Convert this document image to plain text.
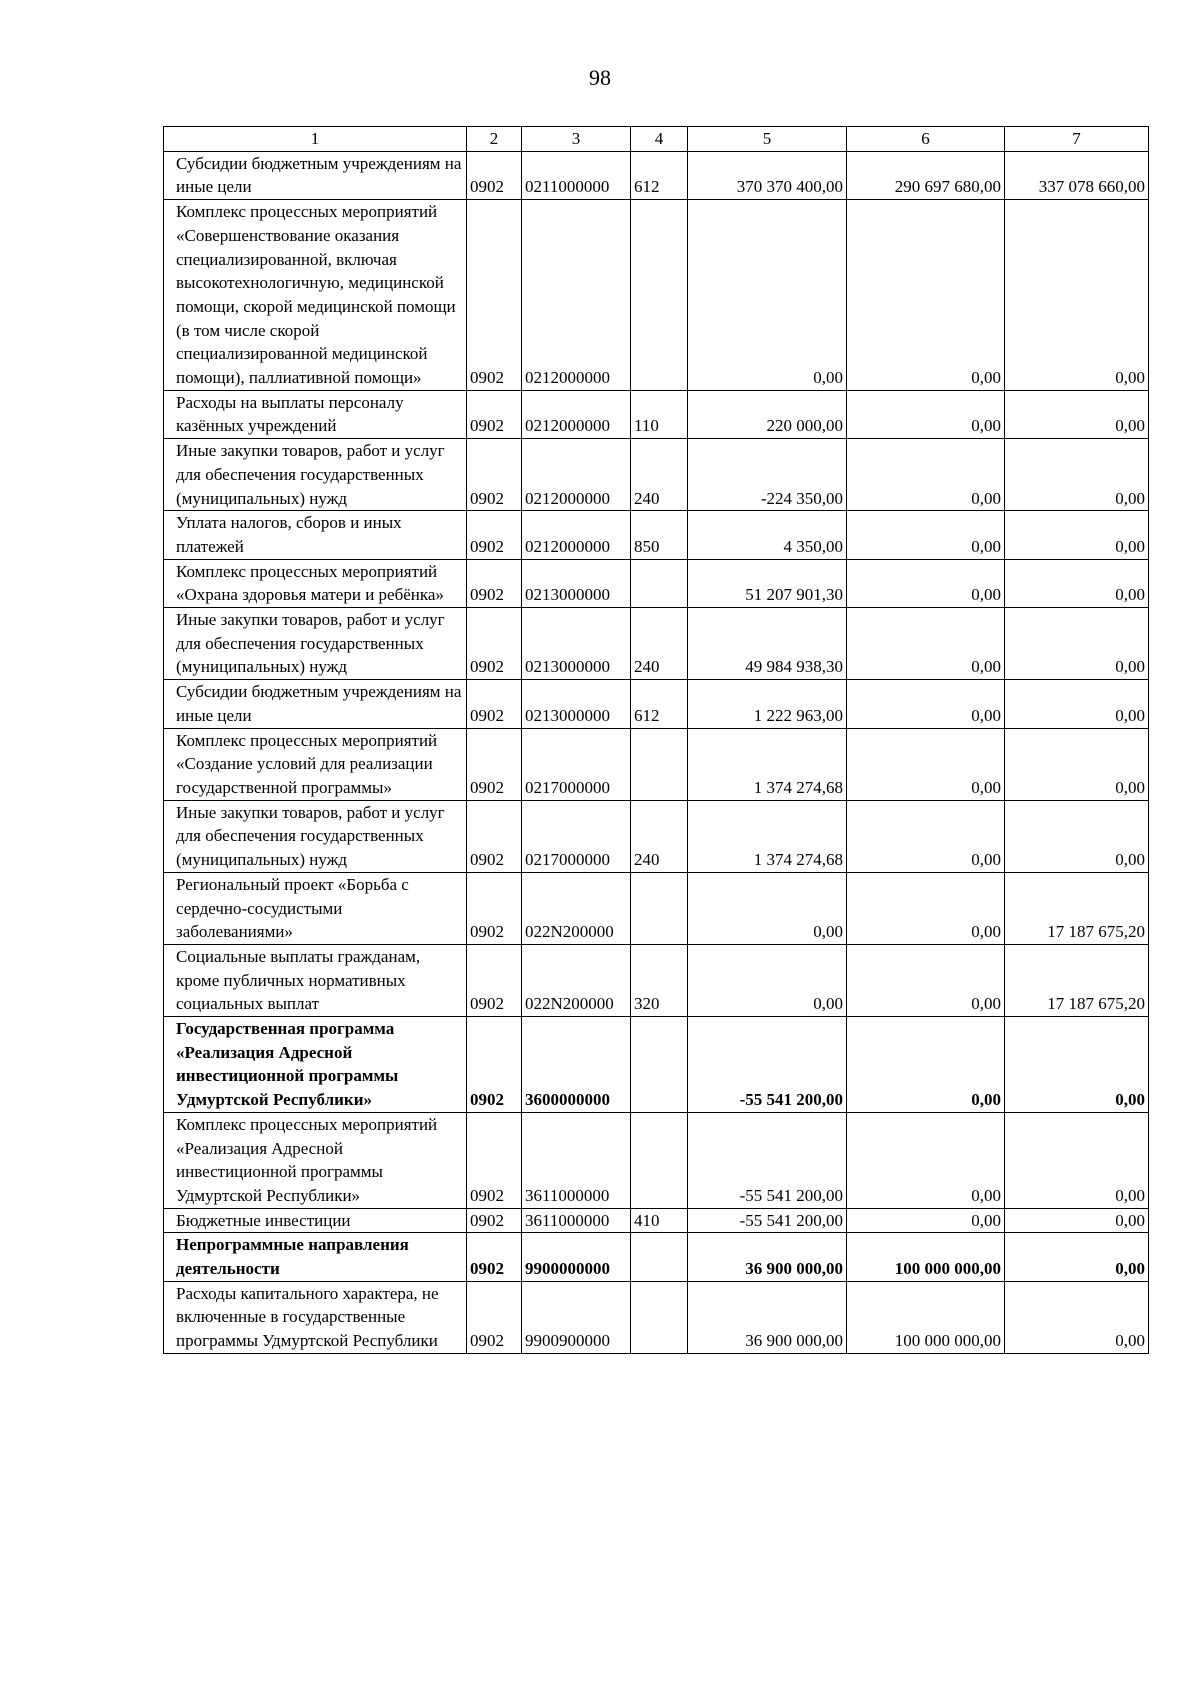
98
1	2	3	4	5	6	7
Субсидии бюджетным учреждениям на иные цели	0902	0211000000	612	370 370 400,00	290 697 680,00	337 078 660,00
Комплекс процессных мероприятий «Совершенствование оказания специализированной, включая высокотехнологичную, медицинской помощи, скорой медицинской помощи (в том числе скорой специализированной медицинской помощи), паллиативной помощи»	0902	0212000000		0,00	0,00	0,00
Расходы на выплаты персоналу казённых учреждений	0902	0212000000	110	220 000,00	0,00	0,00
Иные закупки товаров, работ и услуг для обеспечения государственных (муниципальных) нужд	0902	0212000000	240	-224 350,00	0,00	0,00
Уплата налогов, сборов и иных платежей	0902	0212000000	850	4 350,00	0,00	0,00
Комплекс процессных мероприятий «Охрана здоровья матери и ребёнка»	0902	0213000000		51 207 901,30	0,00	0,00
Иные закупки товаров, работ и услуг для обеспечения государственных (муниципальных) нужд	0902	0213000000	240	49 984 938,30	0,00	0,00
Субсидии бюджетным учреждениям на иные цели	0902	0213000000	612	1 222 963,00	0,00	0,00
Комплекс процессных мероприятий «Создание условий для реализации государственной программы»	0902	0217000000		1 374 274,68	0,00	0,00
Иные закупки товаров, работ и услуг для обеспечения государственных (муниципальных) нужд	0902	0217000000	240	1 374 274,68	0,00	0,00
Региональный проект «Борьба с сердечно-сосудистыми заболеваниями»	0902	022N200000		0,00	0,00	17 187 675,20
Социальные выплаты гражданам, кроме публичных нормативных социальных выплат	0902	022N200000	320	0,00	0,00	17 187 675,20
Государственная программа «Реализация Адресной инвестиционной программы Удмуртской Республики»	0902	3600000000		-55 541 200,00	0,00	0,00
Комплекс процессных мероприятий «Реализация Адресной инвестиционной программы Удмуртской Республики»	0902	3611000000		-55 541 200,00	0,00	0,00
Бюджетные инвестиции	0902	3611000000	410	-55 541 200,00	0,00	0,00
Непрограммные направления деятельности	0902	9900000000		36 900 000,00	100 000 000,00	0,00
Расходы капитального характера, не включенные в государственные программы Удмуртской Республики	0902	9900900000		36 900 000,00	100 000 000,00	0,00
